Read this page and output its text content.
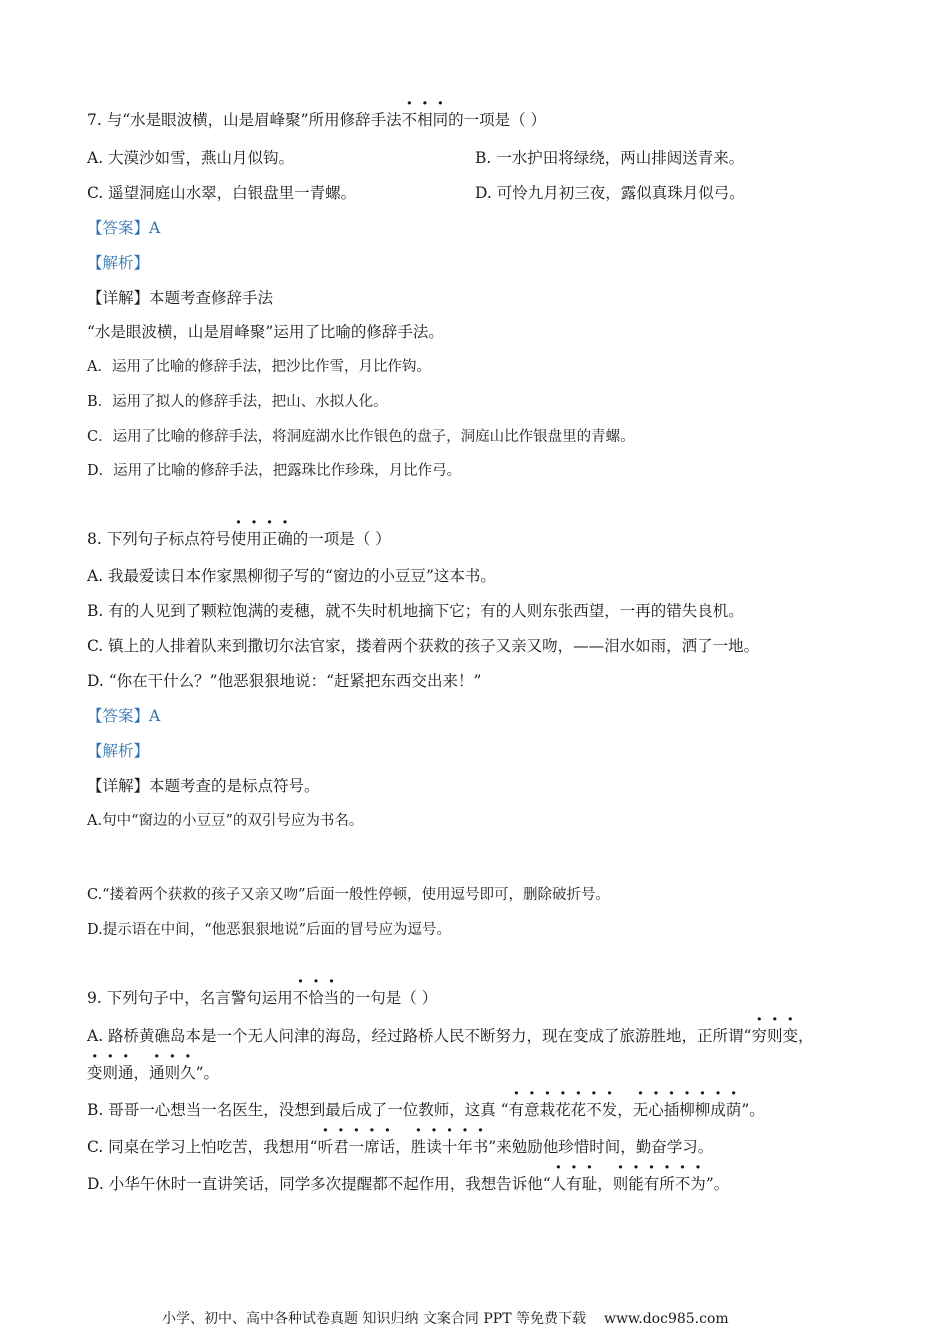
7. 与“水是眼波横，山是眉峰聚”所用修辞手法不相同的一项是（ ）
A. 大漠沙如雪，燕山月似钩。	B. 一水护田将绿绕，两山排闼送青来。
C. 遥望洞庭山水翠，白银盘里一青螺。	D. 可怜九月初三夜，露似真珠月似弓。
【答案】A
【解析】
【详解】本题考查修辞手法
“水是眼波横，山是眉峰聚”运用了比喻的修辞手法。
A．运用了比喻的修辞手法，把沙比作雪，月比作钩。
B．运用了拟人的修辞手法，把山、水拟人化。
C．运用了比喻的修辞手法，将洞庭湖水比作银色的盘子，洞庭山比作银盘里的青螺。
D．运用了比喻的修辞手法，把露珠比作珍珠，月比作弓。
8. 下列句子标点符号使用正确的一项是（ ）
A. 我最爱读日本作家黑柳彻子写的“窗边的小豆豆”这本书。
B. 有的人见到了颗粒饱满的麦穗，就不失时机地摘下它；有的人则东张西望，一再的错失良机。
C. 镇上的人排着队来到撒切尔法官家，搂着两个获救的孩子又亲又吻，——泪水如雨，洒了一地。
D. “你在干什么？”他恶狠狠地说：“赶紧把东西交出来！”
【答案】A
【解析】
【详解】本题考查的是标点符号。
A.句中“窗边的小豆豆”的双引号应为书名。
C.“搂着两个获救的孩子又亲又吻”后面一般性停顿，使用逗号即可，删除破折号。
D.提示语在中间，“他恶狠狠地说”后面的冒号应为逗号。
9. 下列句子中，名言警句运用不恰当的一句是（ ）
A. 路桥黄礁岛本是一个无人问津的海岛，经过路桥人民不断努力，现在变成了旅游胜地，正所谓“穷则变，
变则通，通则久”。
B. 哥哥一心想当一名医生，没想到最后成了一位教师，这真 “有意栽花花不发，无心插柳柳成荫”。
C. 同桌在学习上怕吃苦，我想用“听君一席话，胜读十年书”来勉励他珍惜时间，勤奋学习。
D. 小华午休时一直讲笑话，同学多次提醒都不起作用，我想告诉他“人有耻，则能有所不为”。
小学、初中、高中各种试卷真题 知识归纳 文案合同 PPT 等免费下载 www.doc985.com
